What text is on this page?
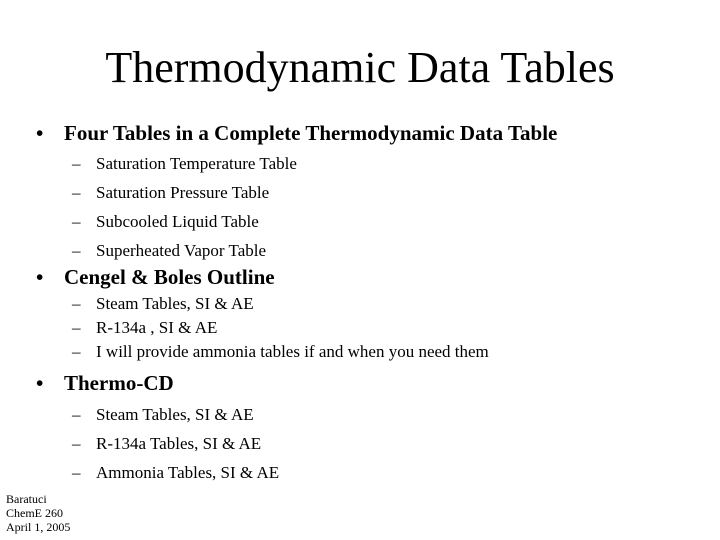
Thermodynamic Data Tables
• Four Tables in a Complete Thermodynamic Data Table
– Saturation Temperature Table
– Saturation Pressure Table
– Subcooled Liquid Table
– Superheated Vapor Table
• Cengel & Boles Outline
– Steam Tables, SI & AE
– R-134a , SI & AE
– I will provide ammonia tables if and when you need them
• Thermo-CD
– Steam Tables, SI & AE
– R-134a Tables, SI & AE
– Ammonia Tables, SI & AE
Baratuci
ChemE 260
April 1, 2005
